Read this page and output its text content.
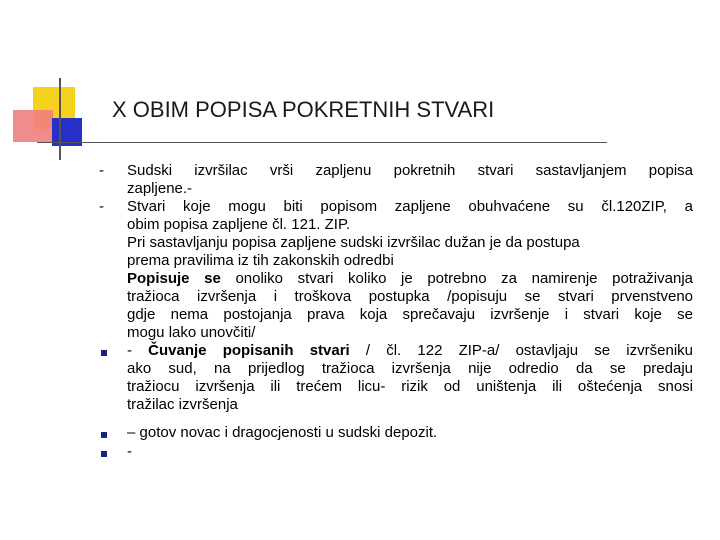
X OBIM POPISA POKRETNIH STVARI
-
-
Sudski izvršilac vrši zapljenu pokretnih stvari sastavljanjem popisa
zapljene.-
Stvari koje mogu biti popisom zapljene obuhvaćene su čl.120ZIP, a
obim popisa zapljene čl. 121. ZIP.
Pri sastavljanju popisa zapljene sudski izvršilac dužan je da postupa
prema pravilima iz tih zakonskih odredbi
Popisuje se onoliko stvari koliko je potrebno za namirenje potraživanja
tražioca izvršenja i troškova postupka /popisuju se stvari prvenstveno
gdje nema postojanja prava koja sprečavaju izvršenje i stvari koje se
mogu lako unovčiti/
- Čuvanje popisanih stvari / čl. 122 ZIP-a/ ostavljaju se izvršeniku
ako sud, na prijedlog tražioca izvršenja nije odredio da se predaju
tražiocu izvršenja ili trećem licu- rizik od uništenja ili oštećenja snosi
tražilac izvršenja
– gotov novac i dragocjenosti u sudski depozit.
-
